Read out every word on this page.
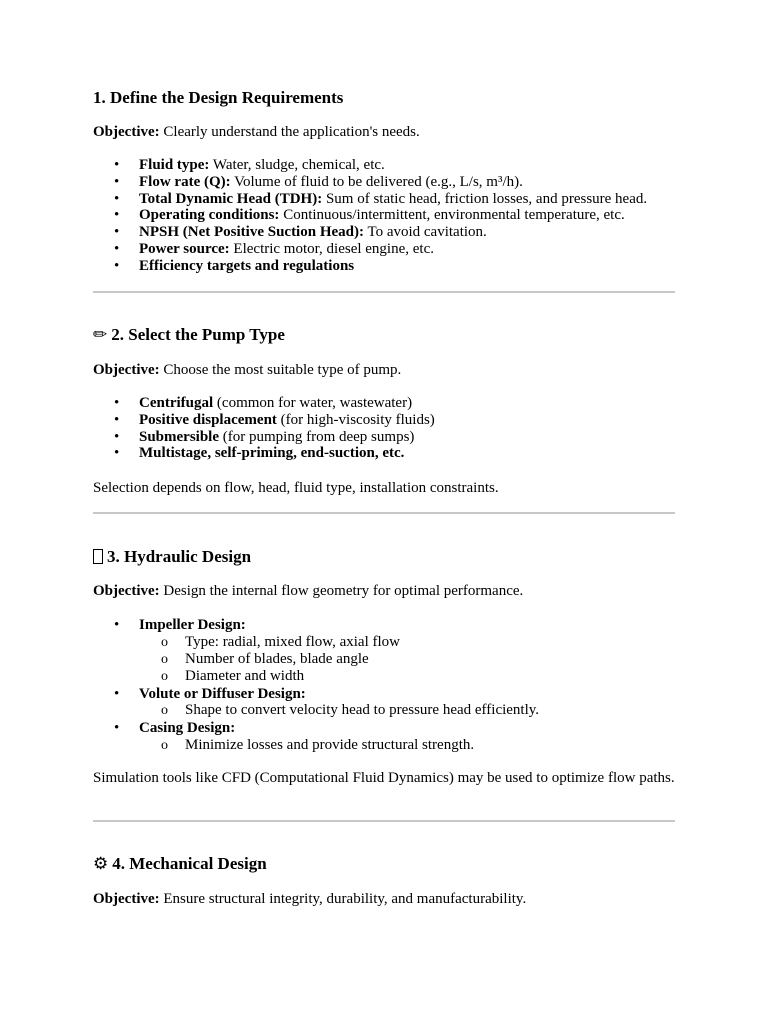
1. Define the Design Requirements

Objective: Clearly understand the application's needs.

• Fluid type: Water, sludge, chemical, etc.
• Flow rate (Q): Volume of fluid to be delivered (e.g., L/s, m³/h).
• Total Dynamic Head (TDH): Sum of static head, friction losses, and pressure head.
• Operating conditions: Continuous/intermittent, environmental temperature, etc.
• NPSH (Net Positive Suction Head): To avoid cavitation.
• Power source: Electric motor, diesel engine, etc.
• Efficiency targets and regulations
✏ 2. Select the Pump Type

Objective: Choose the most suitable type of pump.

• Centrifugal (common for water, wastewater)
• Positive displacement (for high-viscosity fluids)
• Submersible (for pumping from deep sumps)
• Multistage, self-priming, end-suction, etc.

Selection depends on flow, head, fluid type, installation constraints.

3. Hydraulic Design

Objective: Design the internal flow geometry for optimal performance.

• Impeller Design:
o Type: radial, mixed flow, axial flow
o Number of blades, blade angle
o Diameter and width
• Volute or Diffuser Design:
o Shape to convert velocity head to pressure head efficiently.
• Casing Design:
o Minimize losses and provide structural strength.

Simulation tools like CFD (Computational Fluid Dynamics) may be used to optimize flow paths.

⚙ 4. Mechanical Design

Objective: Ensure structural integrity, durability, and manufacturability.
